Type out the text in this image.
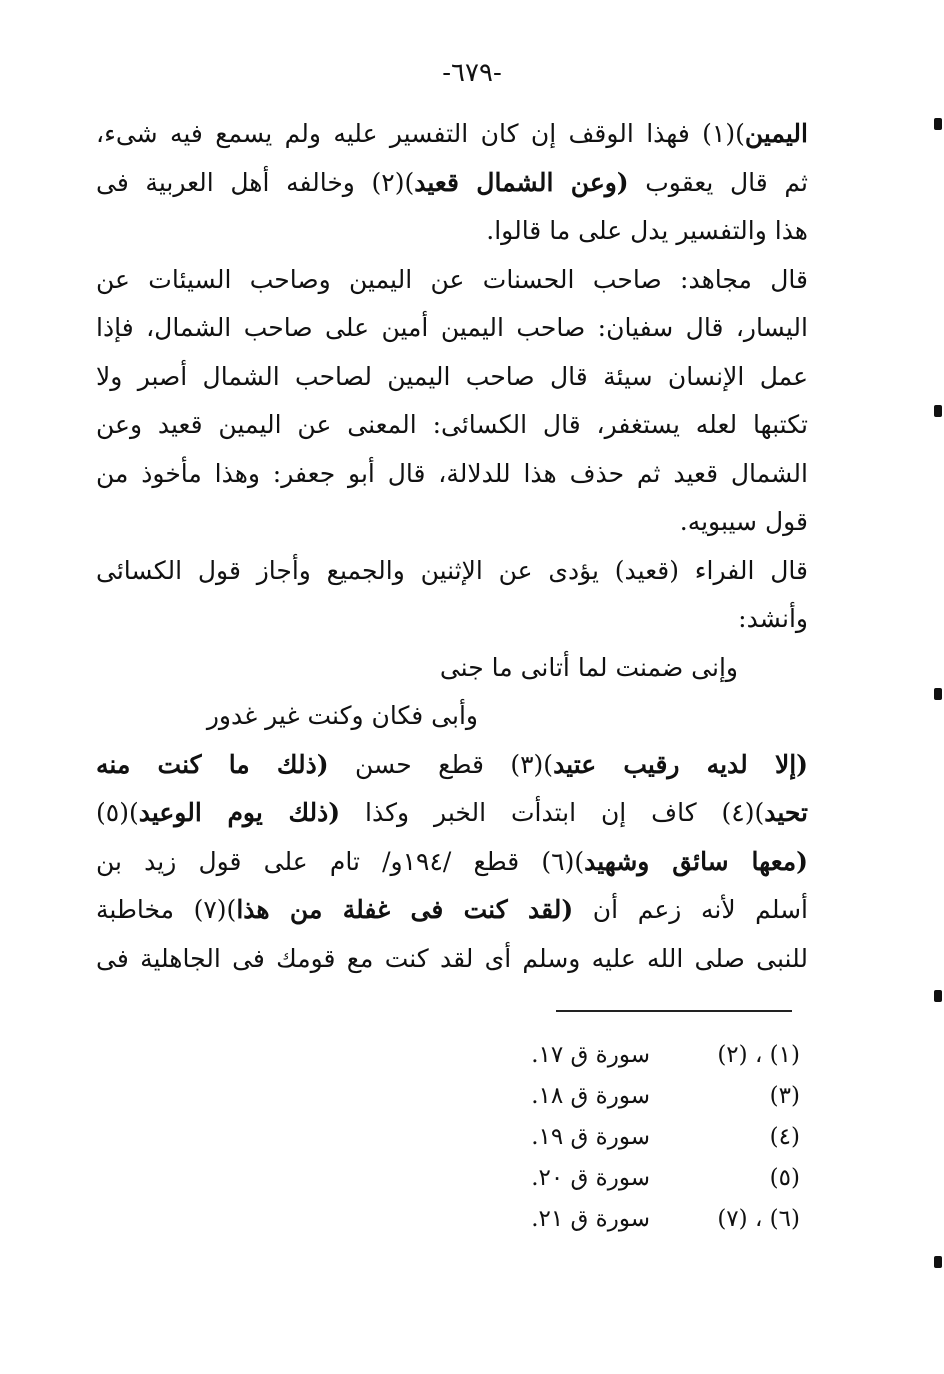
-٦٧٩-
اليمين)(١) فهذا الوقف إن كان التفسير عليه ولم يسمع فيه شىء،
ثم قال يعقوب (وعن الشمال قعيد)(٢) وخالفه أهل العربية فى
هذا والتفسير يدل على ما قالوا.
قال مجاهد: صاحب الحسنات عن اليمين وصاحب السيئات عن
اليسار، قال سفيان: صاحب اليمين أمين على صاحب الشمال، فإذا
عمل الإنسان سيئة قال صاحب اليمين لصاحب الشمال أصبر ولا
تكتبها لعله يستغفر، قال الكسائى: المعنى عن اليمين قعيد وعن
الشمال قعيد ثم حذف هذا للدلالة، قال أبو جعفر: وهذا مأخوذ من
قول سيبويه.
قال الفراء (قعيد) يؤدى عن الإثنين والجميع وأجاز قول الكسائى
وأنشد:
وإنى ضمنت لما أتانى ما جنى
وأبى فكان وكنت غير غدور
(إلا لديه رقيب عتيد)(٣) قطع حسن (ذلك ما كنت منه
تحيد)(٤) كاف إن ابتدأت الخبر وكذا (ذلك يوم الوعيد)(٥)
(معها سائق وشهيد)(٦) قطع /١٩٤و/ تام على قول زيد بن
أسلم لأنه زعم أن (لقد كنت فى غفلة من هذا)(٧) مخاطبة
للنبى صلى الله عليه وسلم أى لقد كنت مع قومك فى الجاهلية فى
(١) ، (٢)
سورة ق ١٧.
(٣)
سورة ق ١٨.
(٤)
سورة ق ١٩.
(٥)
سورة ق ٢٠.
(٦) ، (٧)
سورة ق ٢١.
